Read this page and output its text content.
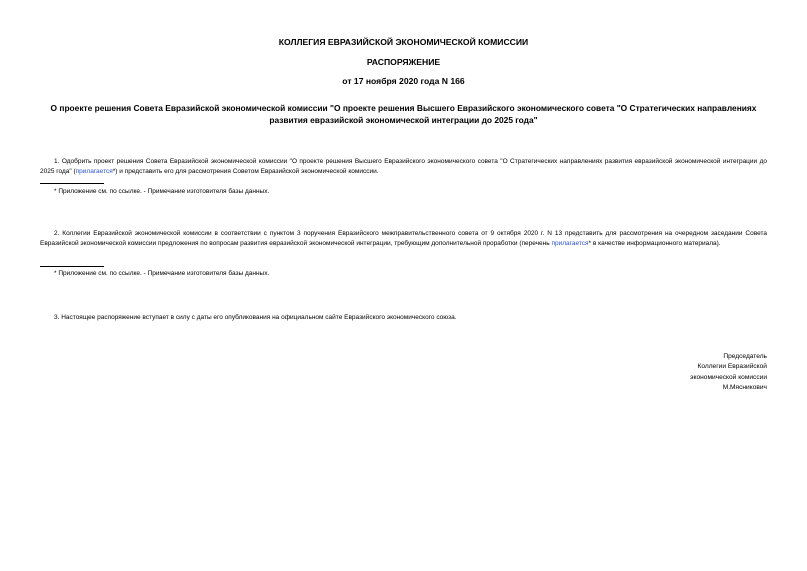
КОЛЛЕГИЯ ЕВРАЗИЙСКОЙ ЭКОНОМИЧЕСКОЙ КОМИССИИ
РАСПОРЯЖЕНИЕ
от 17 ноября 2020 года N 166
О проекте решения Совета Евразийской экономической комиссии "О проекте решения Высшего Евразийского экономического совета "О Стратегических направлениях развития евразийской экономической интеграции до 2025 года"
1. Одобрить проект решения Совета Евразийской экономической комиссии "О проекте решения Высшего Евразийского экономического совета "О Стратегических направлениях развития евразийской экономической интеграции до 2025 года" (прилагается*) и представить его для рассмотрения Советом Евразийской экономической комиссии.
* Приложение см. по ссылке. - Примечание изготовителя базы данных.
2. Коллегии Евразийской экономической комиссии в соответствии с пунктом 3 поручения Евразийского межправительственного совета от 9 октября 2020 г. N 13 представить для рассмотрения на очередном заседании Совета Евразийской экономической комиссии предложения по вопросам развития евразийской экономической интеграции, требующим дополнительной проработки (перечень прилагается* в качестве информационного материала).
* Приложение см. по ссылке. - Примечание изготовителя базы данных.
3. Настоящее распоряжение вступает в силу с даты его опубликования на официальном сайте Евразийского экономического союза.
Председатель
Коллегии Евразийской
экономической комиссии
М.Мясникович
